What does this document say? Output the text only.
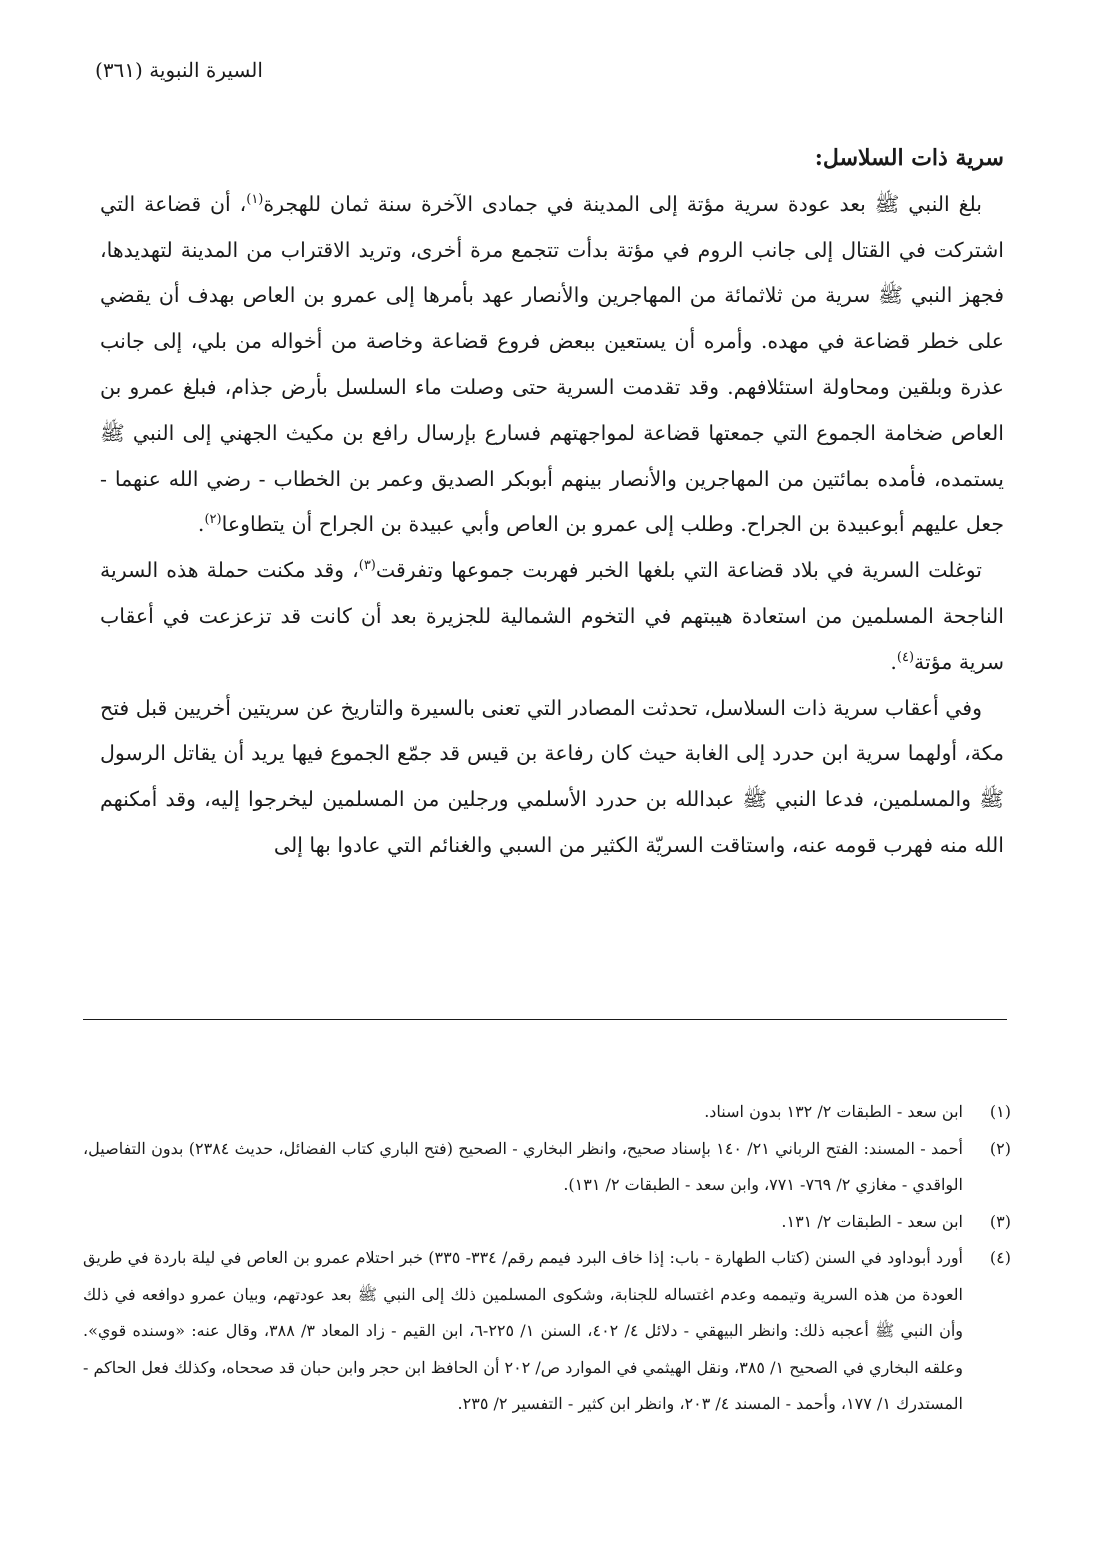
السيرة النبوية (٣٦١)
سرية ذات السلاسل:

بلغ النبي ﷺ بعد عودة سرية مؤتة إلى المدينة في جمادى الآخرة سنة ثمان للهجرة$^{(١)}$، أن قضاعة التي اشتركت في القتال إلى جانب الروم في مؤتة بدأت تتجمع مرة أخرى، وتريد الاقتراب من المدينة لتهديدها، فجهز النبي ﷺ سرية من ثلاثمائة من المهاجرين والأنصار عهد بأمرها إلى عمرو بن العاص بهدف أن يقضي على خطر قضاعة في مهده. وأمره أن يستعين ببعض فروع قضاعة وخاصة من أخواله من بلي، إلى جانب عذرة وبلقين ومحاولة استئلافهم. وقد تقدمت السرية حتى وصلت ماء السلسل بأرض جذام، فبلغ عمرو بن العاص ضخامة الجموع التي جمعتها قضاعة لمواجهتهم فسارع بإرسال رافع بن مكيث الجهني إلى النبي ﷺ يستمده، فأمده بمائتين من المهاجرين والأنصار بينهم أبوبكر الصديق وعمر بن الخطاب - رضي الله عنهما - جعل عليهم أبوعبيدة بن الجراح. وطلب إلى عمرو بن العاص وأبي عبيدة بن الجراح أن يتطاوعا$^{(٢)}$.

توغلت السرية في بلاد قضاعة التي بلغها الخبر فهربت جموعها وتفرقت$^{(٣)}$، وقد مكنت حملة هذه السرية الناجحة المسلمين من استعادة هيبتهم في التخوم الشمالية للجزيرة بعد أن كانت قد تزعزعت في أعقاب سرية مؤتة$^{(٤)}$.

وفي أعقاب سرية ذات السلاسل، تحدثت المصادر التي تعنى بالسيرة والتاريخ عن سريتين أخريين قبل فتح مكة، أولهما سرية ابن حدرد إلى الغابة حيث كان رفاعة بن قيس قد جمّع الجموع فيها يريد أن يقاتل الرسول ﷺ والمسلمين، فدعا النبي ﷺ عبدالله بن حدرد الأسلمي ورجلين من المسلمين ليخرجوا إليه، وقد أمكنهم الله منه فهرب قومه عنه، واستاقت السريّة الكثير من السبي والغنائم التي عادوا بها إلى

(١)
ابن سعد - الطبقات ٢/ ١٣٢ بدون اسناد.
(٢)
أحمد - المسند: الفتح الرباني ٢١/ ١٤٠ بإسناد صحيح، وانظر البخاري - الصحيح (فتح الباري كتاب الفضائل، حديث ٢٣٨٤) بدون التفاصيل، الواقدي - مغازي ٢/ ٧٦٩- ٧٧١، وابن سعد - الطبقات ٢/ ١٣١).
(٣)
ابن سعد - الطبقات ٢/ ١٣١.
(٤)
أورد أبوداود في السنن (كتاب الطهارة - باب: إذا خاف البرد فيمم رقم/ ٣٣٤- ٣٣٥) خبر احتلام عمرو بن العاص في ليلة باردة في طريق العودة من هذه السرية وتيممه وعدم اغتساله للجنابة، وشكوى المسلمين ذلك إلى النبي ﷺ بعد عودتهم، وبيان عمرو دوافعه في ذلك وأن النبي ﷺ أعجبه ذلك: وانظر البيهقي - دلائل ٤/ ٤٠٢، السنن ١/ ٢٢٥-٦، ابن القيم - زاد المعاد ٣/ ٣٨٨، وقال عنه: «وسنده قوي». وعلقه البخاري في الصحيح ١/ ٣٨٥، ونقل الهيثمي في الموارد ص/ ٢٠٢ أن الحافظ ابن حجر وابن حبان قد صححاه، وكذلك فعل الحاكم - المستدرك ١/ ١٧٧، وأحمد - المسند ٤/ ٢٠٣، وانظر ابن كثير - التفسير ٢/ ٢٣٥.
